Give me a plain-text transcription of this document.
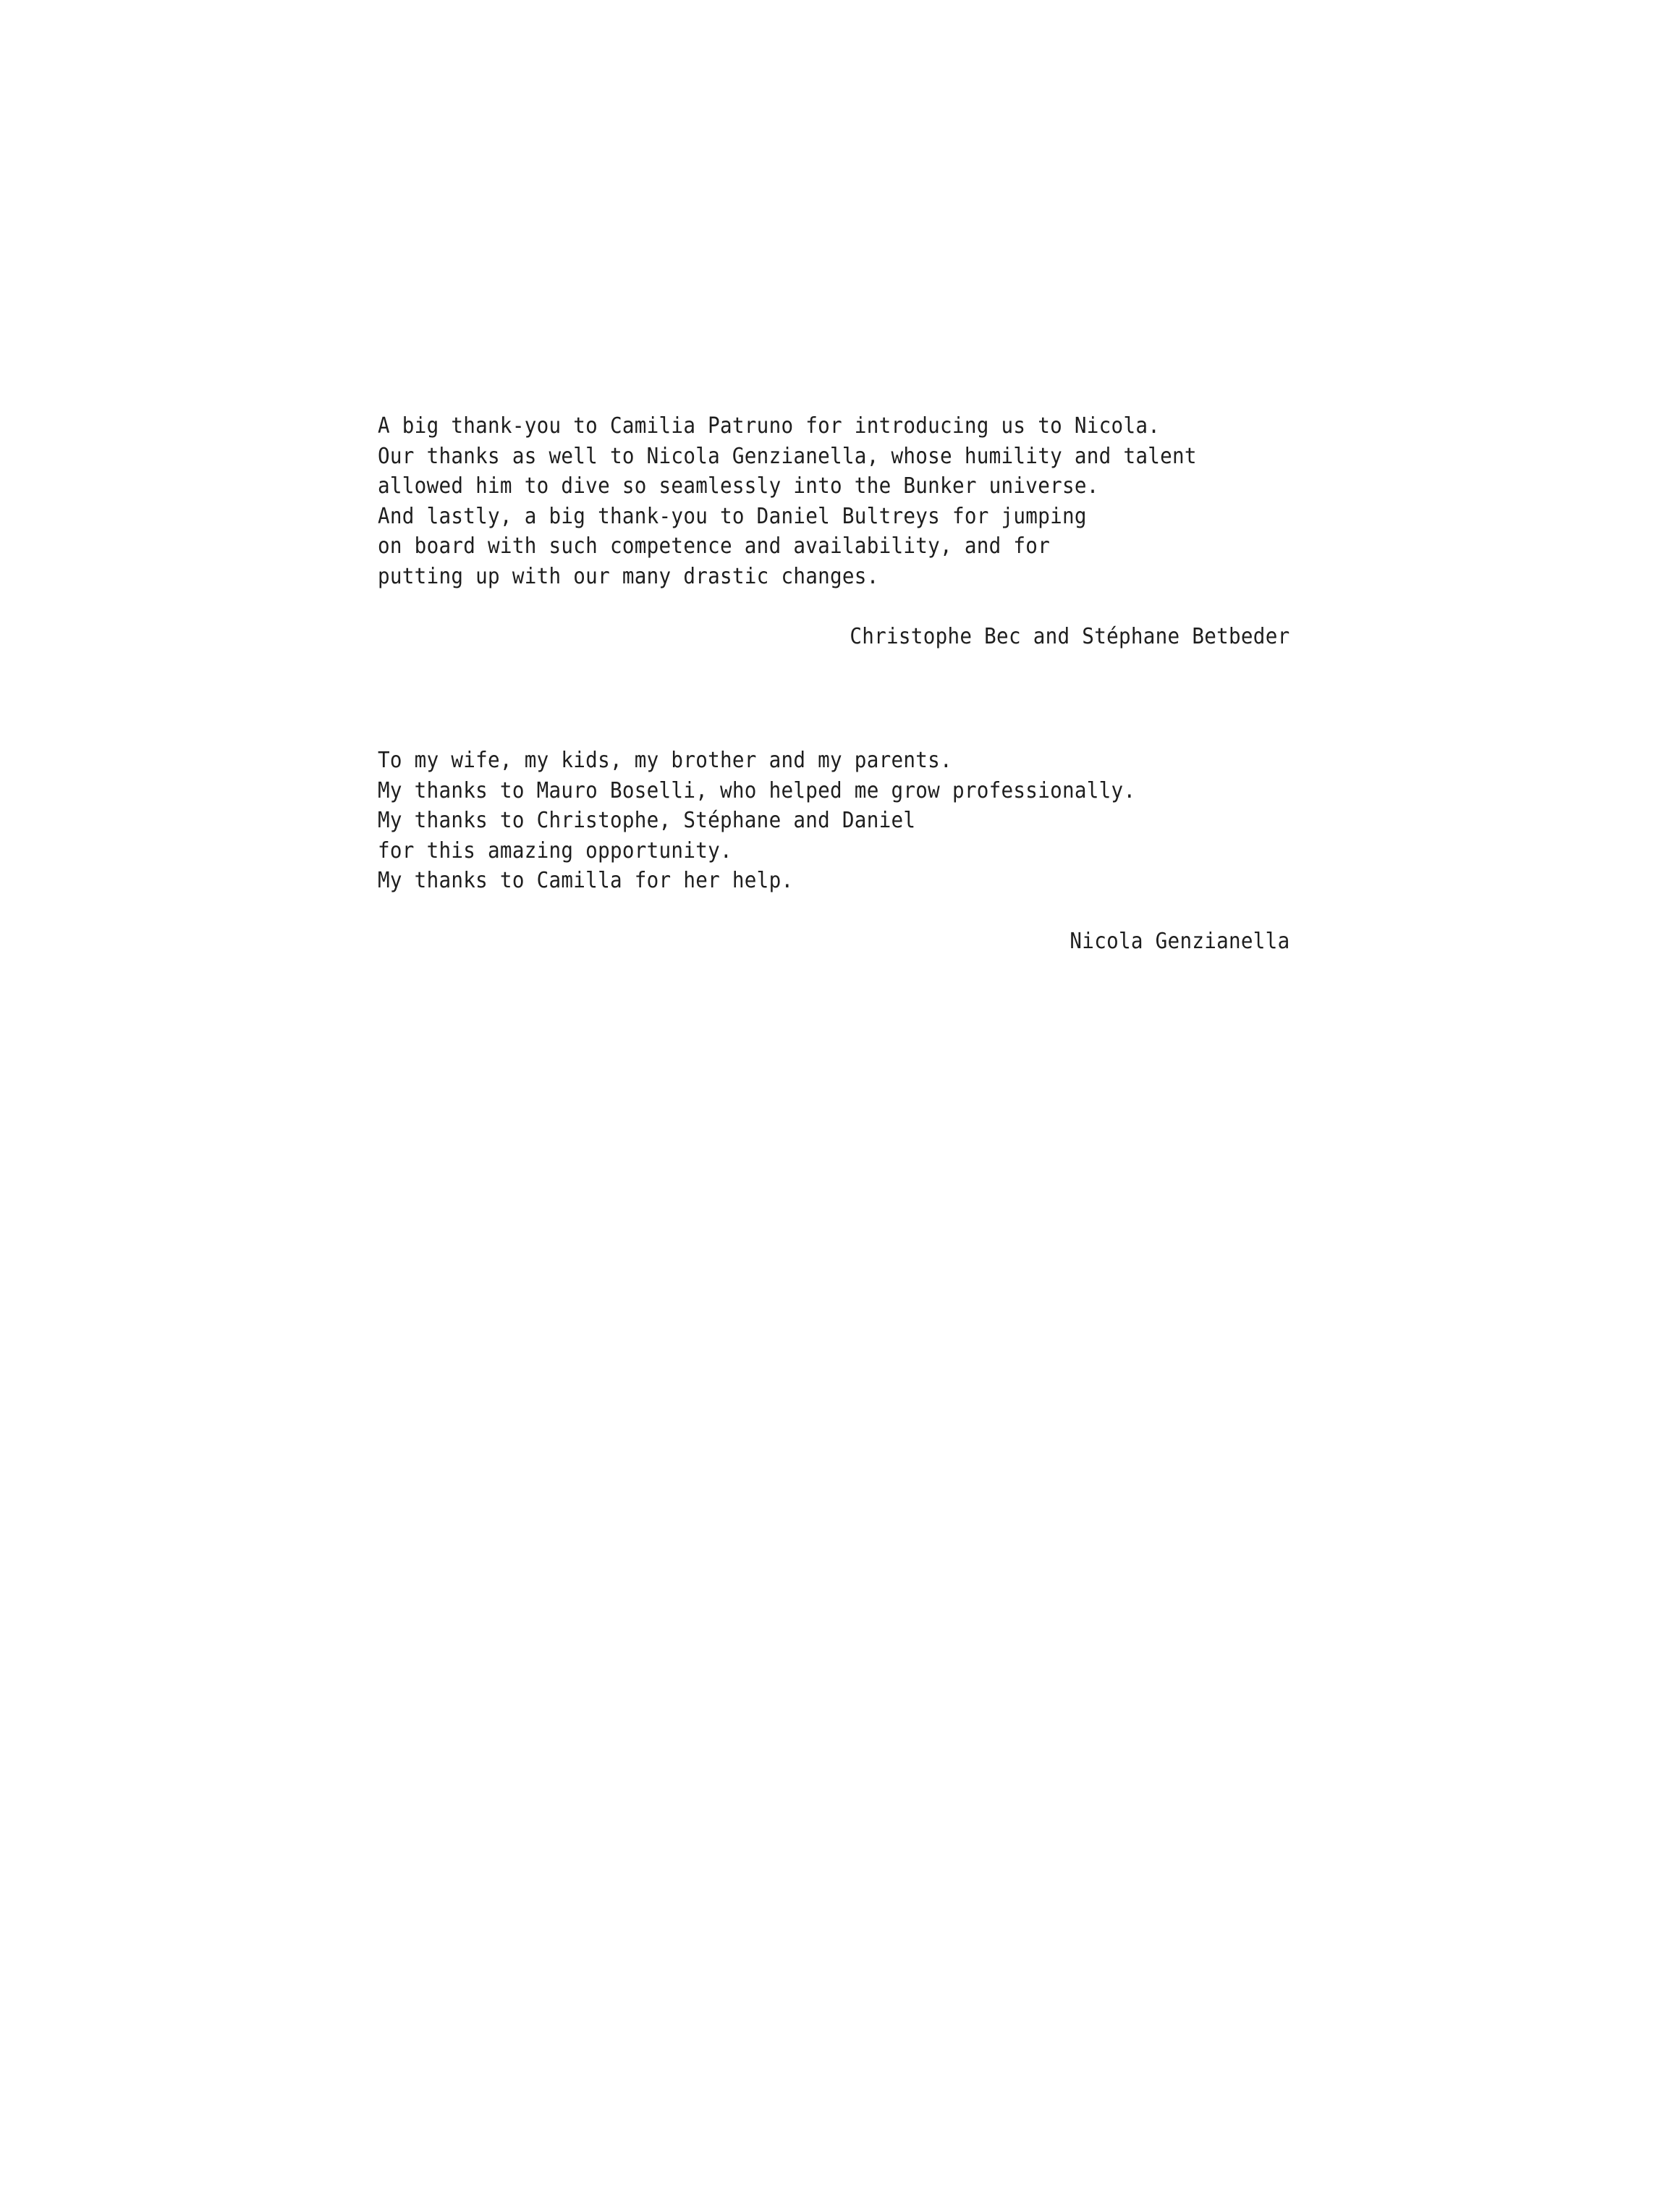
A big thank-you to Camilia Patruno for introducing us to Nicola.
Our thanks as well to Nicola Genzianella, whose humility and talent
allowed him to dive so seamlessly into the Bunker universe.
And lastly, a big thank-you to Daniel Bultreys for jumping
on board with such competence and availability, and for
putting up with our many drastic changes.
Christophe Bec and Stéphane Betbeder
To my wife, my kids, my brother and my parents.
My thanks to Mauro Boselli, who helped me grow professionally.
My thanks to Christophe, Stéphane and Daniel
for this amazing opportunity.
My thanks to Camilla for her help.
Nicola Genzianella
